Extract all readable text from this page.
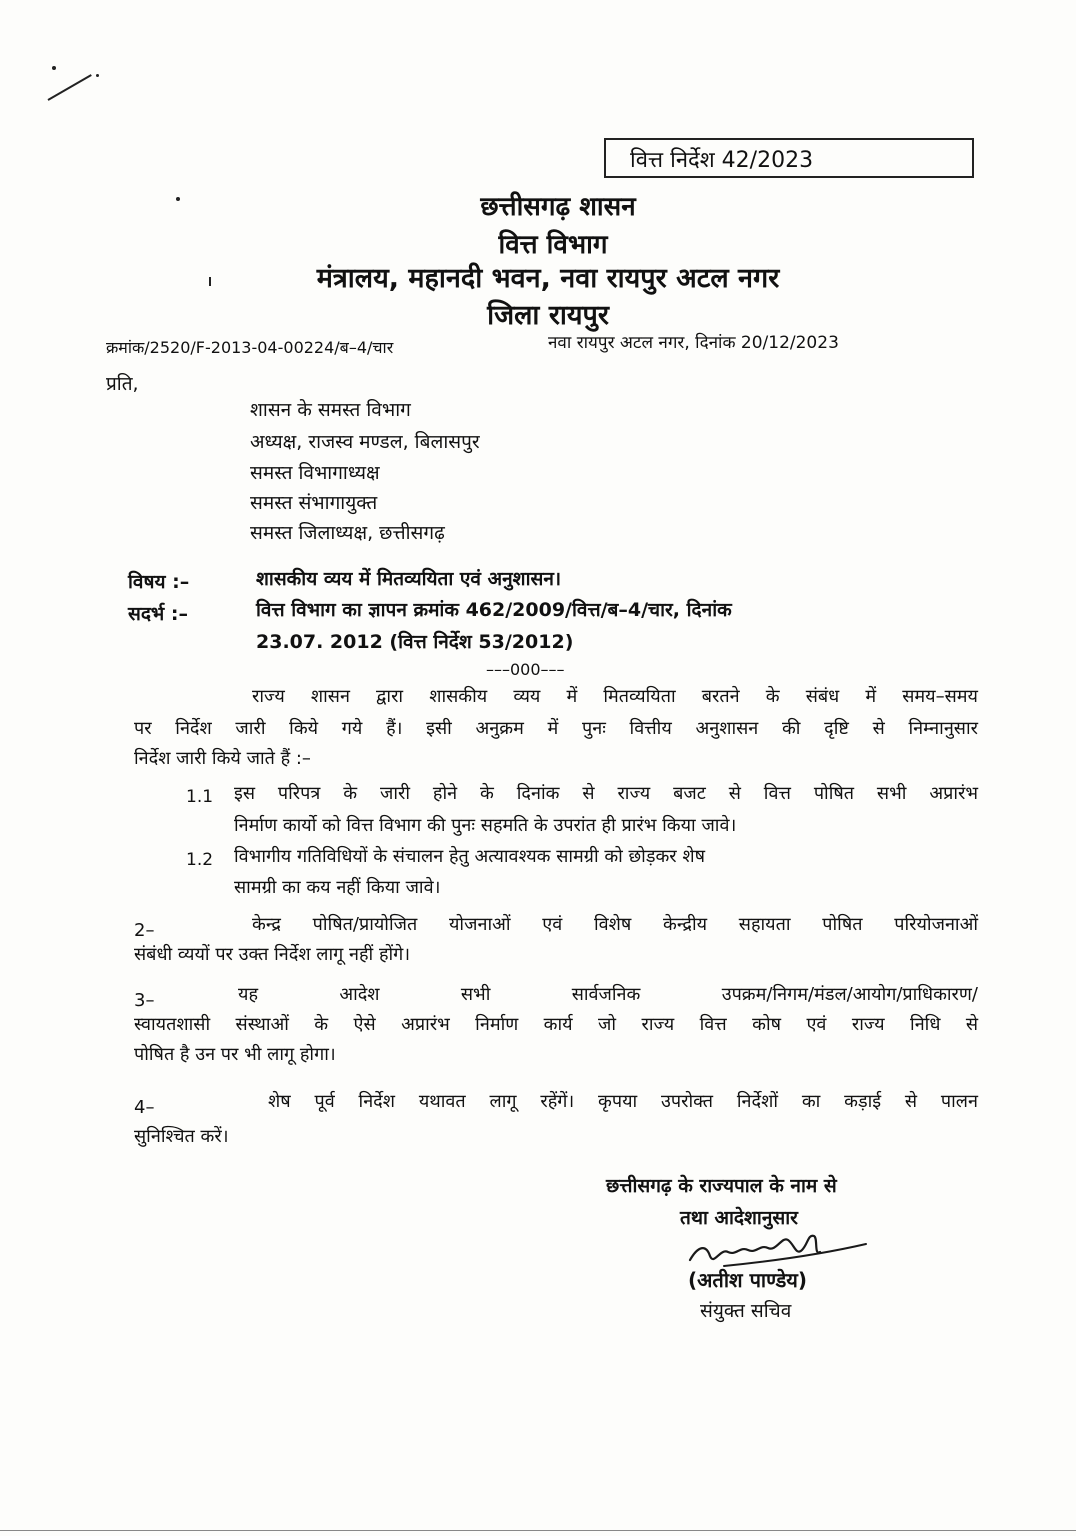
वित्त निर्देश 42/2023
छत्तीसगढ़ शासन
वित्त विभाग
मंत्रालय, महानदी भवन, नवा रायपुर अटल नगर
जिला रायपुर
क्रमांक/2520/F-2013-04-00224/ब–4/चार	नवा रायपुर अटल नगर, दिनांक 20/12/2023
प्रति,
शासन के समस्त विभाग
अध्यक्ष, राजस्व मण्डल, बिलासपुर
समस्त विभागाध्यक्ष
समस्त संभागायुक्त
समस्त जिलाध्यक्ष, छत्तीसगढ़
विषय :–	शासकीय व्यय में मितव्ययिता एवं अनुशासन।
सदर्भ :–	वित्त विभाग का ज्ञापन क्रमांक 462/2009/वित्त/ब–4/चार, दिनांक
23.07. 2012 (वित्त निर्देश 53/2012)
–––000–––
राज्य शासन द्वारा शासकीय व्यय में मितव्ययिता बरतने के संबंध में समय–समय
पर निर्देश जारी किये गये हैं। इसी अनुक्रम में पुनः वित्तीय अनुशासन की दृष्टि से निम्नानुसार
निर्देश जारी किये जाते हैं :–
1.1 इस परिपत्र के जारी होने के दिनांक से राज्य बजट से वित्त पोषित सभी अप्रारंभ
निर्माण कार्यो को वित्त विभाग की पुनः सहमति के उपरांत ही प्रारंभ किया जावे।
1.2 विभागीय गतिविधियों के संचालन हेतु अत्यावश्यक सामग्री को छोड़कर शेष
सामग्री का कय नहीं किया जावे।
2–	केन्द्र पोषित/प्रायोजित योजनाओं एवं विशेष केन्द्रीय सहायता पोषित परियोजनाओं
संबंधी व्ययों पर उक्त निर्देश लागू नहीं होंगे।
3–	यह आदेश सभी सार्वजनिक उपक्रम/निगम/मंडल/आयोग/प्राधिकारण/
स्वायतशासी संस्थाओं के ऐसे अप्रारंभ निर्माण कार्य जो राज्य वित्त कोष एवं राज्य निधि से
पोषित है उन पर भी लागू होगा।
4–	शेष पूर्व निर्देश यथावत लागू रहेंगें। कृपया उपरोक्त निर्देशों का कड़ाई से पालन
सुनिश्चित करें।
छत्तीसगढ़ के राज्यपाल के नाम से
तथा आदेशानुसार
(अतीश पाण्डेय)
संयुक्त सचिव
